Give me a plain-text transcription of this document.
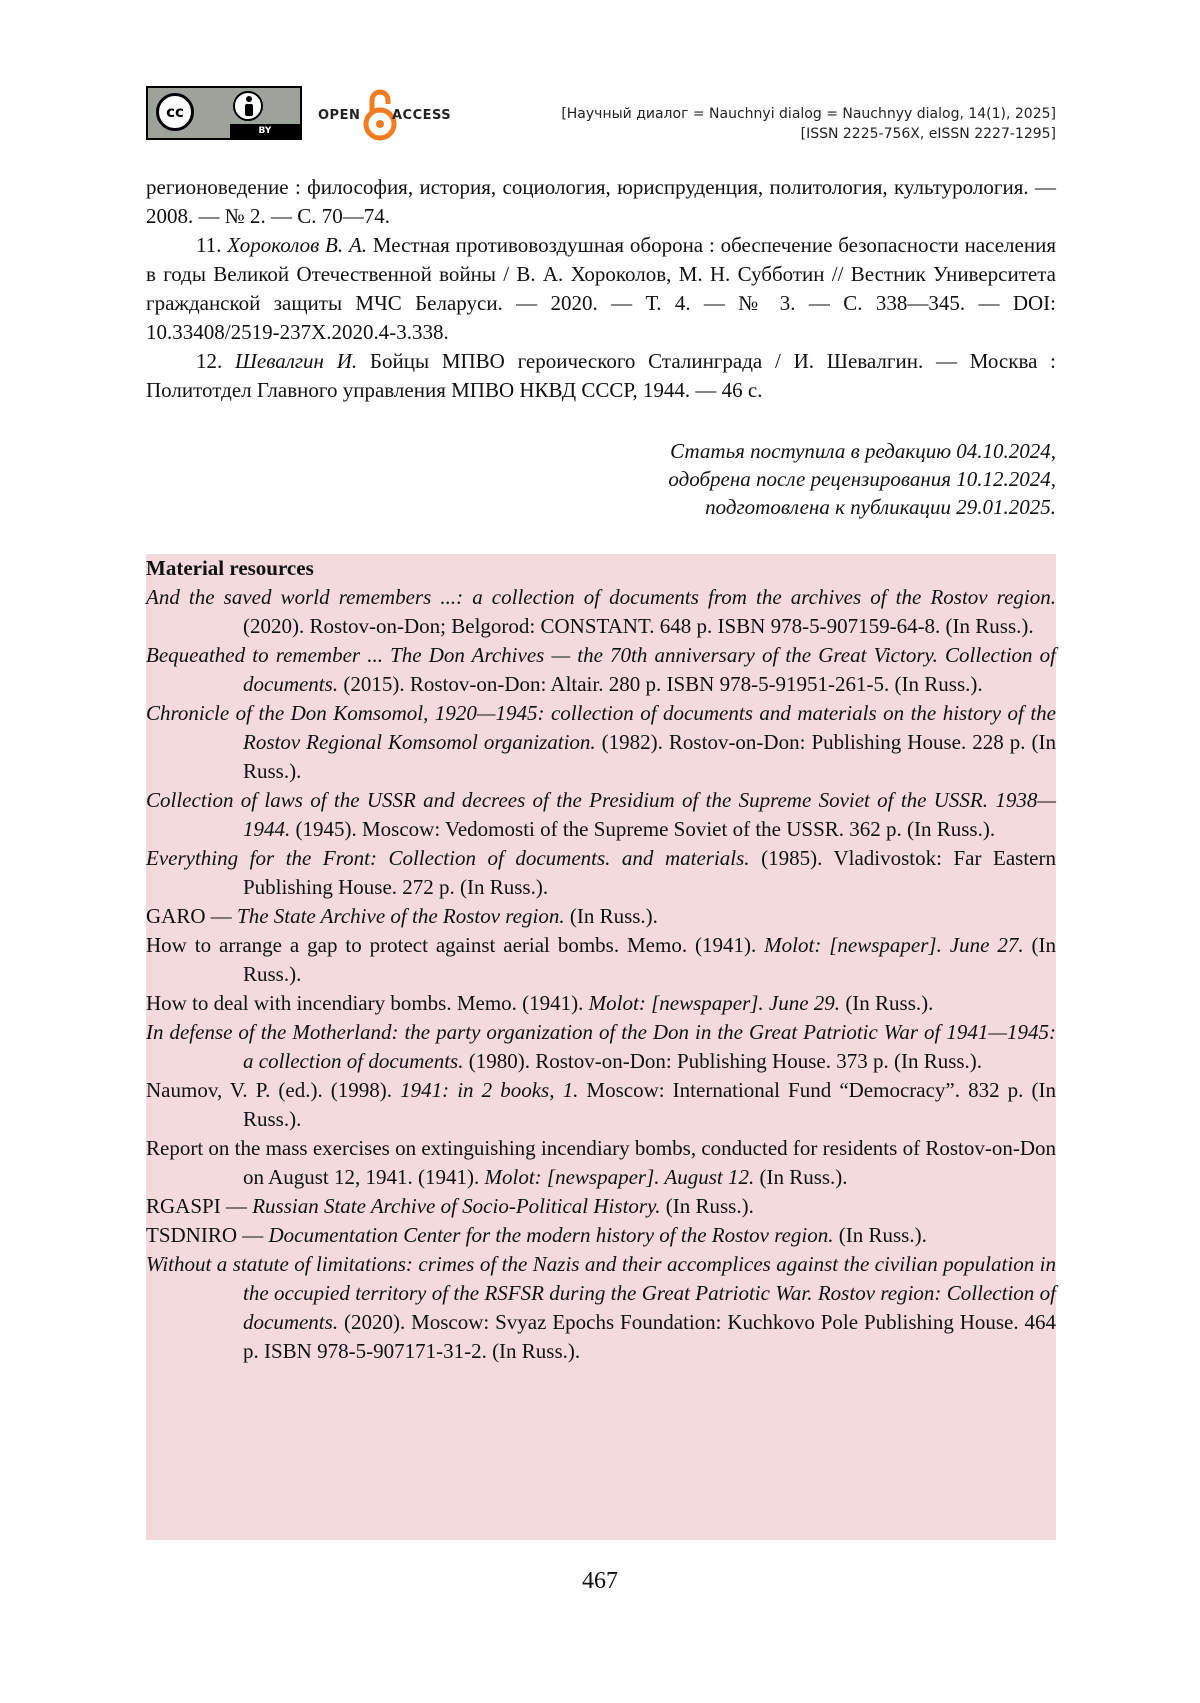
cc
BY
OPEN ACCESS	[Научный диалог = Nauchnyi dialog = Nauchnyy dialog, 14(1), 2025]
[ISSN 2225-756X, eISSN 2227-1295]

регионоведение : философия, история, социология, юриспруденция, политология, культурология. — 2008. — № 2. — С. 70—74.

11. Хороколов В. А. Местная противовоздушная оборона : обеспечение безопасности населения в годы Великой Отечественной войны / В. А. Хороколов, М. Н. Субботин // Вестник Университета гражданской защиты МЧС Беларуси. — 2020. — Т. 4. — № 3. — С. 338—345. — DOI: 10.33408/2519-237X.2020.4-3.338.

12. Шевалгин И. Бойцы МПВО героического Сталинграда / И. Шевалгин. — Москва : Политотдел Главного управления МПВО НКВД СССР, 1944. — 46 с.

Статья поступила в редакцию 04.10.2024,
одобрена после рецензирования 10.12.2024,
подготовлена к публикации 29.01.2025.
Material resources

And the saved world remembers ...: a collection of documents from the archives of the Rostov region. (2020). Rostov-on-Don; Belgorod: CONSTANT. 648 p. ISBN 978-5-907159-64-8. (In Russ.).

Bequeathed to remember ... The Don Archives — the 70th anniversary of the Great Victory. Collection of documents. (2015). Rostov-on-Don: Altair. 280 p. ISBN 978-5-91951-261-5. (In Russ.).

Chronicle of the Don Komsomol, 1920—1945: collection of documents and materials on the history of the Rostov Regional Komsomol organization. (1982). Rostov-on-Don: Publishing House. 228 p. (In Russ.).

Collection of laws of the USSR and decrees of the Presidium of the Supreme Soviet of the USSR. 1938—1944. (1945). Moscow: Vedomosti of the Supreme Soviet of the USSR. 362 p. (In Russ.).

Everything for the Front: Collection of documents. and materials. (1985). Vladivostok: Far Eastern Publishing House. 272 p. (In Russ.).

GARO — The State Archive of the Rostov region. (In Russ.).

How to arrange a gap to protect against aerial bombs. Memo. (1941). Molot: [newspaper]. June 27. (In Russ.).

How to deal with incendiary bombs. Memo. (1941). Molot: [newspaper]. June 29. (In Russ.).

In defense of the Motherland: the party organization of the Don in the Great Patriotic War of 1941—1945: a collection of documents. (1980). Rostov-on-Don: Publishing House. 373 p. (In Russ.).

Naumov, V. P. (ed.). (1998). 1941: in 2 books, 1. Moscow: International Fund “Democracy”. 832 p. (In Russ.).

Report on the mass exercises on extinguishing incendiary bombs, conducted for residents of Rostov-on-Don on August 12, 1941. (1941). Molot: [newspaper]. August 12. (In Russ.).

RGASPI — Russian State Archive of Socio-Political History. (In Russ.).

TSDNIRO — Documentation Center for the modern history of the Rostov region. (In Russ.).

Without a statute of limitations: crimes of the Nazis and their accomplices against the civilian population in the occupied territory of the RSFSR during the Great Patriotic War. Rostov region: Collection of documents. (2020). Moscow: Svyaz Epochs Foundation: Kuchkovo Pole Publishing House. 464 p. ISBN 978-5-907171-31-2. (In Russ.).

467
